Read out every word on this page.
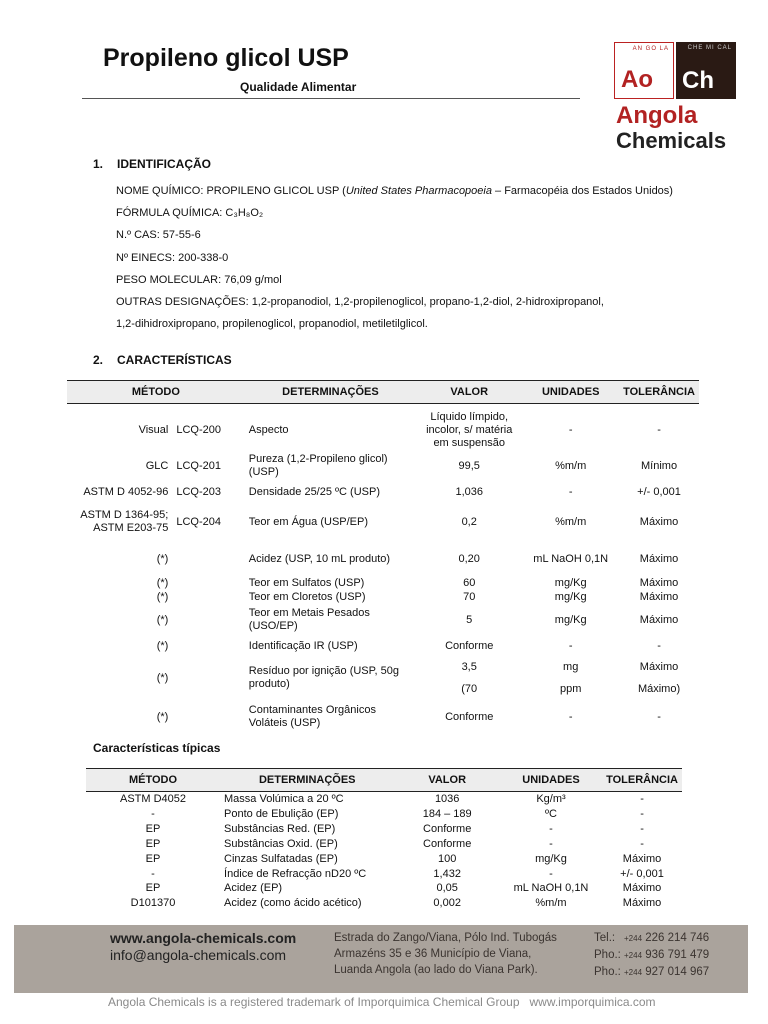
Propileno glicol USP
Qualidade Alimentar
AN GO LA
Ao
CHE MI CAL
Ch
Angola
Chemicals
1. IDENTIFICAÇÃO
NOME QUÍMICO: PROPILENO GLICOL USP (United States Pharmacopoeia – Farmacopéia dos Estados Unidos)
FÓRMULA QUÍMICA: C₃H₈O₂
N.º CAS: 57-55-6
Nº EINECS: 200-338-0
PESO MOLECULAR: 76,09 g/mol
OUTRAS DESIGNAÇÕES: 1,2-propanodiol, 1,2-propilenoglicol, propano-1,2-diol, 2-hidroxipropanol,
1,2-dihidroxipropano, propilenoglicol, propanodiol, metiletilglicol.
2. CARACTERÍSTICAS
MÉTODO		DETERMINAÇÕES	VALOR	UNIDADES	TOLERÂNCIA

Visual	LCQ-200	Aspecto	Líquido límpido, incolor, s/ matéria em suspensão	-	-
GLC	LCQ-201	Pureza (1,2-Propileno glicol) (USP)	99,5	%m/m	Mínimo
ASTM D 4052-96	LCQ-203	Densidade 25/25 ºC (USP)	1,036	-	+/- 0,001
ASTM D 1364-95; ASTM E203-75	LCQ-204	Teor em Água (USP/EP)	0,2	%m/m	Máximo
(*)		Acidez (USP, 10 mL produto)	0,20	mL NaOH 0,1N	Máximo
(*)		Teor em Sulfatos (USP)	60	mg/Kg	Máximo
(*)		Teor em Cloretos (USP)	70	mg/Kg	Máximo
(*)		Teor em Metais Pesados (USO/EP)	5	mg/Kg	Máximo
(*)		Identificação IR (USP)	Conforme	-	-
(*)		Resíduo por ignição (USP, 50g produto)	3,5	mg	Máximo
			(70	ppm	Máximo)
(*)		Contaminantes Orgânicos Voláteis (USP)	Conforme	-	-
Características típicas
MÉTODO	DETERMINAÇÕES	VALOR	UNIDADES	TOLERÂNCIA
ASTM D4052	Massa Volúmica a 20 ºC	1036	Kg/m³	-
-	Ponto de Ebulição (EP)	184 – 189	ºC	-
EP	Substâncias Red. (EP)	Conforme	-	-
EP	Substâncias Oxid. (EP)	Conforme	-	-
EP	Cinzas Sulfatadas (EP)	100	mg/Kg	Máximo
-	Índice de Refracção nD20 ºC	1,432	-	+/- 0,001
EP	Acidez (EP)	0,05	mL NaOH 0,1N	Máximo
D101370	Acidez (como ácido acético)	0,002	%m/m	Máximo
www.angola-chemicals.com
info@angola-chemicals.com
Estrada do Zango/Viana, Pólo Ind. Tubogás
Armazéns 35 e 36 Município de Viana,
Luanda Angola (ao lado do Viana Park).
Tel.: +244 226 214 746
Pho.: +244 936 791 479
Pho.: +244 927 014 967
Angola Chemicals is a registered trademark of Imporquimica Chemical Group www.imporquimica.com
